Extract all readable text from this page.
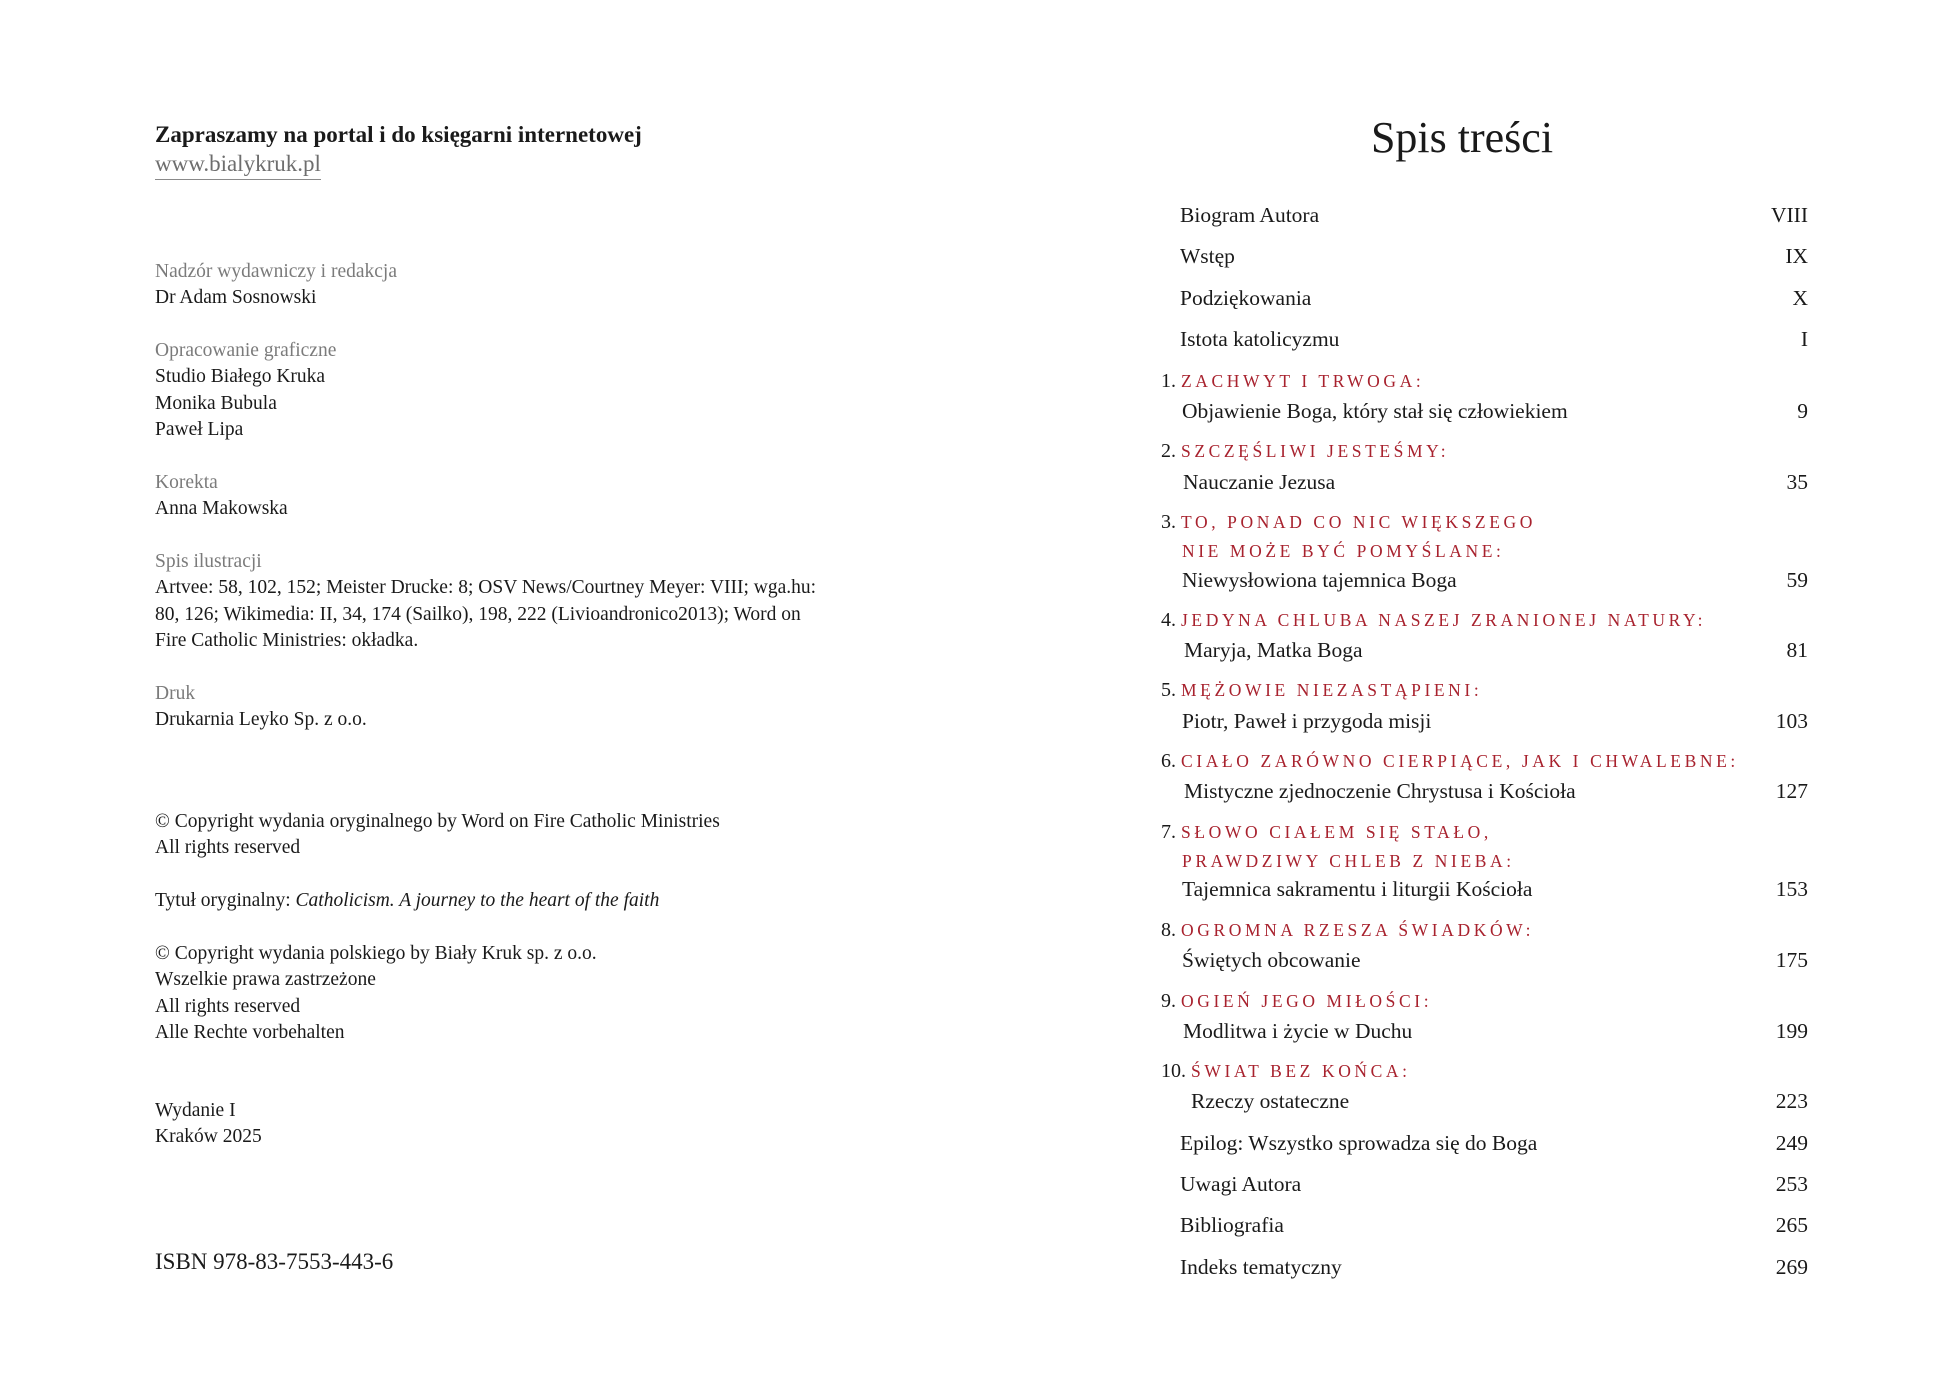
Zapraszamy na portal i do księgarni internetowej
www.bialykruk.pl
Nadzór wydawniczy i redakcja
Dr Adam Sosnowski
Opracowanie graficzne
Studio Białego Kruka
Monika Bubula
Paweł Lipa
Korekta
Anna Makowska
Spis ilustracji
Artvee: 58, 102, 152; Meister Drucke: 8; OSV News/Courtney Meyer: VIII; wga.hu:
80, 126; Wikimedia: II, 34, 174 (Sailko), 198, 222 (Livioandronico2013); Word on
Fire Catholic Ministries: okładka.
Druk
Drukarnia Leyko Sp. z o.o.
© Copyright wydania oryginalnego by Word on Fire Catholic Ministries
All rights reserved
Tytuł oryginalny: Catholicism. A journey to the heart of the faith
© Copyright wydania polskiego by Biały Kruk sp. z o.o.
Wszelkie prawa zastrzeżone
All rights reserved
Alle Rechte vorbehalten
Wydanie I
Kraków 2025
ISBN 978-83-7553-443-6
Spis treści
Biogram Autora	VIII
Wstęp	IX
Podziękowania	X
Istota katolicyzmu	I
1. ZACHWYT I TRWOGA:
Objawienie Boga, który stał się człowiekiem	9
2. SZCZĘŚLIWI JESTEŚMY:
Nauczanie Jezusa	35
3. TO, PONAD CO NIC WIĘKSZEGO
NIE MOŻE BYĆ POMYŚLANE:
Niewysłowiona tajemnica Boga	59
4. JEDYNA CHLUBA NASZEJ ZRANIONEJ NATURY:
Maryja, Matka Boga	81
5. MĘŻOWIE NIEZASTĄPIENI:
Piotr, Paweł i przygoda misji	103
6. CIAŁO ZARÓWNO CIERPIĄCE, JAK I CHWALEBNE:
Mistyczne zjednoczenie Chrystusa i Kościoła	127
7. SŁOWO CIAŁEM SIĘ STAŁO,
PRAWDZIWY CHLEB Z NIEBA:
Tajemnica sakramentu i liturgii Kościoła	153
8. OGROMNA RZESZA ŚWIADKÓW:
Świętych obcowanie	175
9. OGIEŃ JEGO MIŁOŚCI:
Modlitwa i życie w Duchu	199
10. ŚWIAT BEZ KOŃCA:
Rzeczy ostateczne	223
Epilog: Wszystko sprowadza się do Boga	249
Uwagi Autora	253
Bibliografia	265
Indeks tematyczny	269
